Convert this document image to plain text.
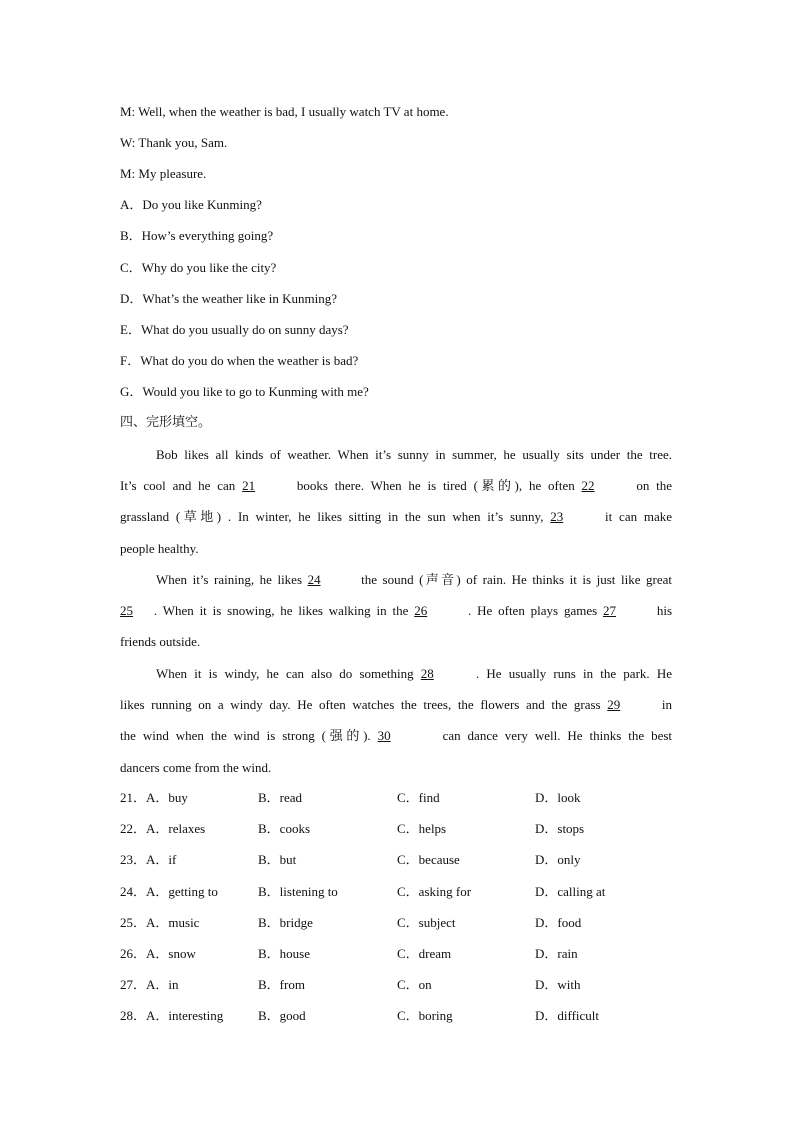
M: Well, when the weather is bad, I usually watch TV at home.
W: Thank you, Sam.
M: My pleasure.
A．Do you like Kunming?
B．How’s everything going?
C．Why do you like the city?
D．What’s the weather like in Kunming?
E．What do you usually do on sunny days?
F．What do you do when the weather is bad?
G．Would you like to go to Kunming with me?
四、完形填空。
Bob likes all kinds of weather. When it’s sunny in summer, he usually sits under the tree.
It’s cool and he can 21	books there. When he is tired (累的), he often 22	on the
grassland (草地) . In winter, he likes sitting in the sun when it’s sunny, 23	it can make
people healthy.
When it’s raining, he likes 24	the sound (声音) of rain. He thinks it is just like great
25 . When it is snowing, he likes walking in the 26	. He often plays games 27	his
friends outside.
When it is windy, he can also do something 28	. He usually runs in the park. He
likes running on a windy day. He often watches the trees, the flowers and the grass 29	in
the wind when the wind is strong (强的). 30	can dance very well. He thinks the best
dancers come from the wind.
21．A．buy	B．read	C．find	D．look
22．A．relaxes	B．cooks	C．helps	D．stops
23．A．if	B．but	C．because	D．only
24．A．getting to	B．listening to	C．asking for	D．calling at
25．A．music	B．bridge	C．subject	D．food
26．A．snow	B．house	C．dream	D．rain
27．A．in	B．from	C．on	D．with
28．A．interesting	B．good	C．boring	D．difficult
